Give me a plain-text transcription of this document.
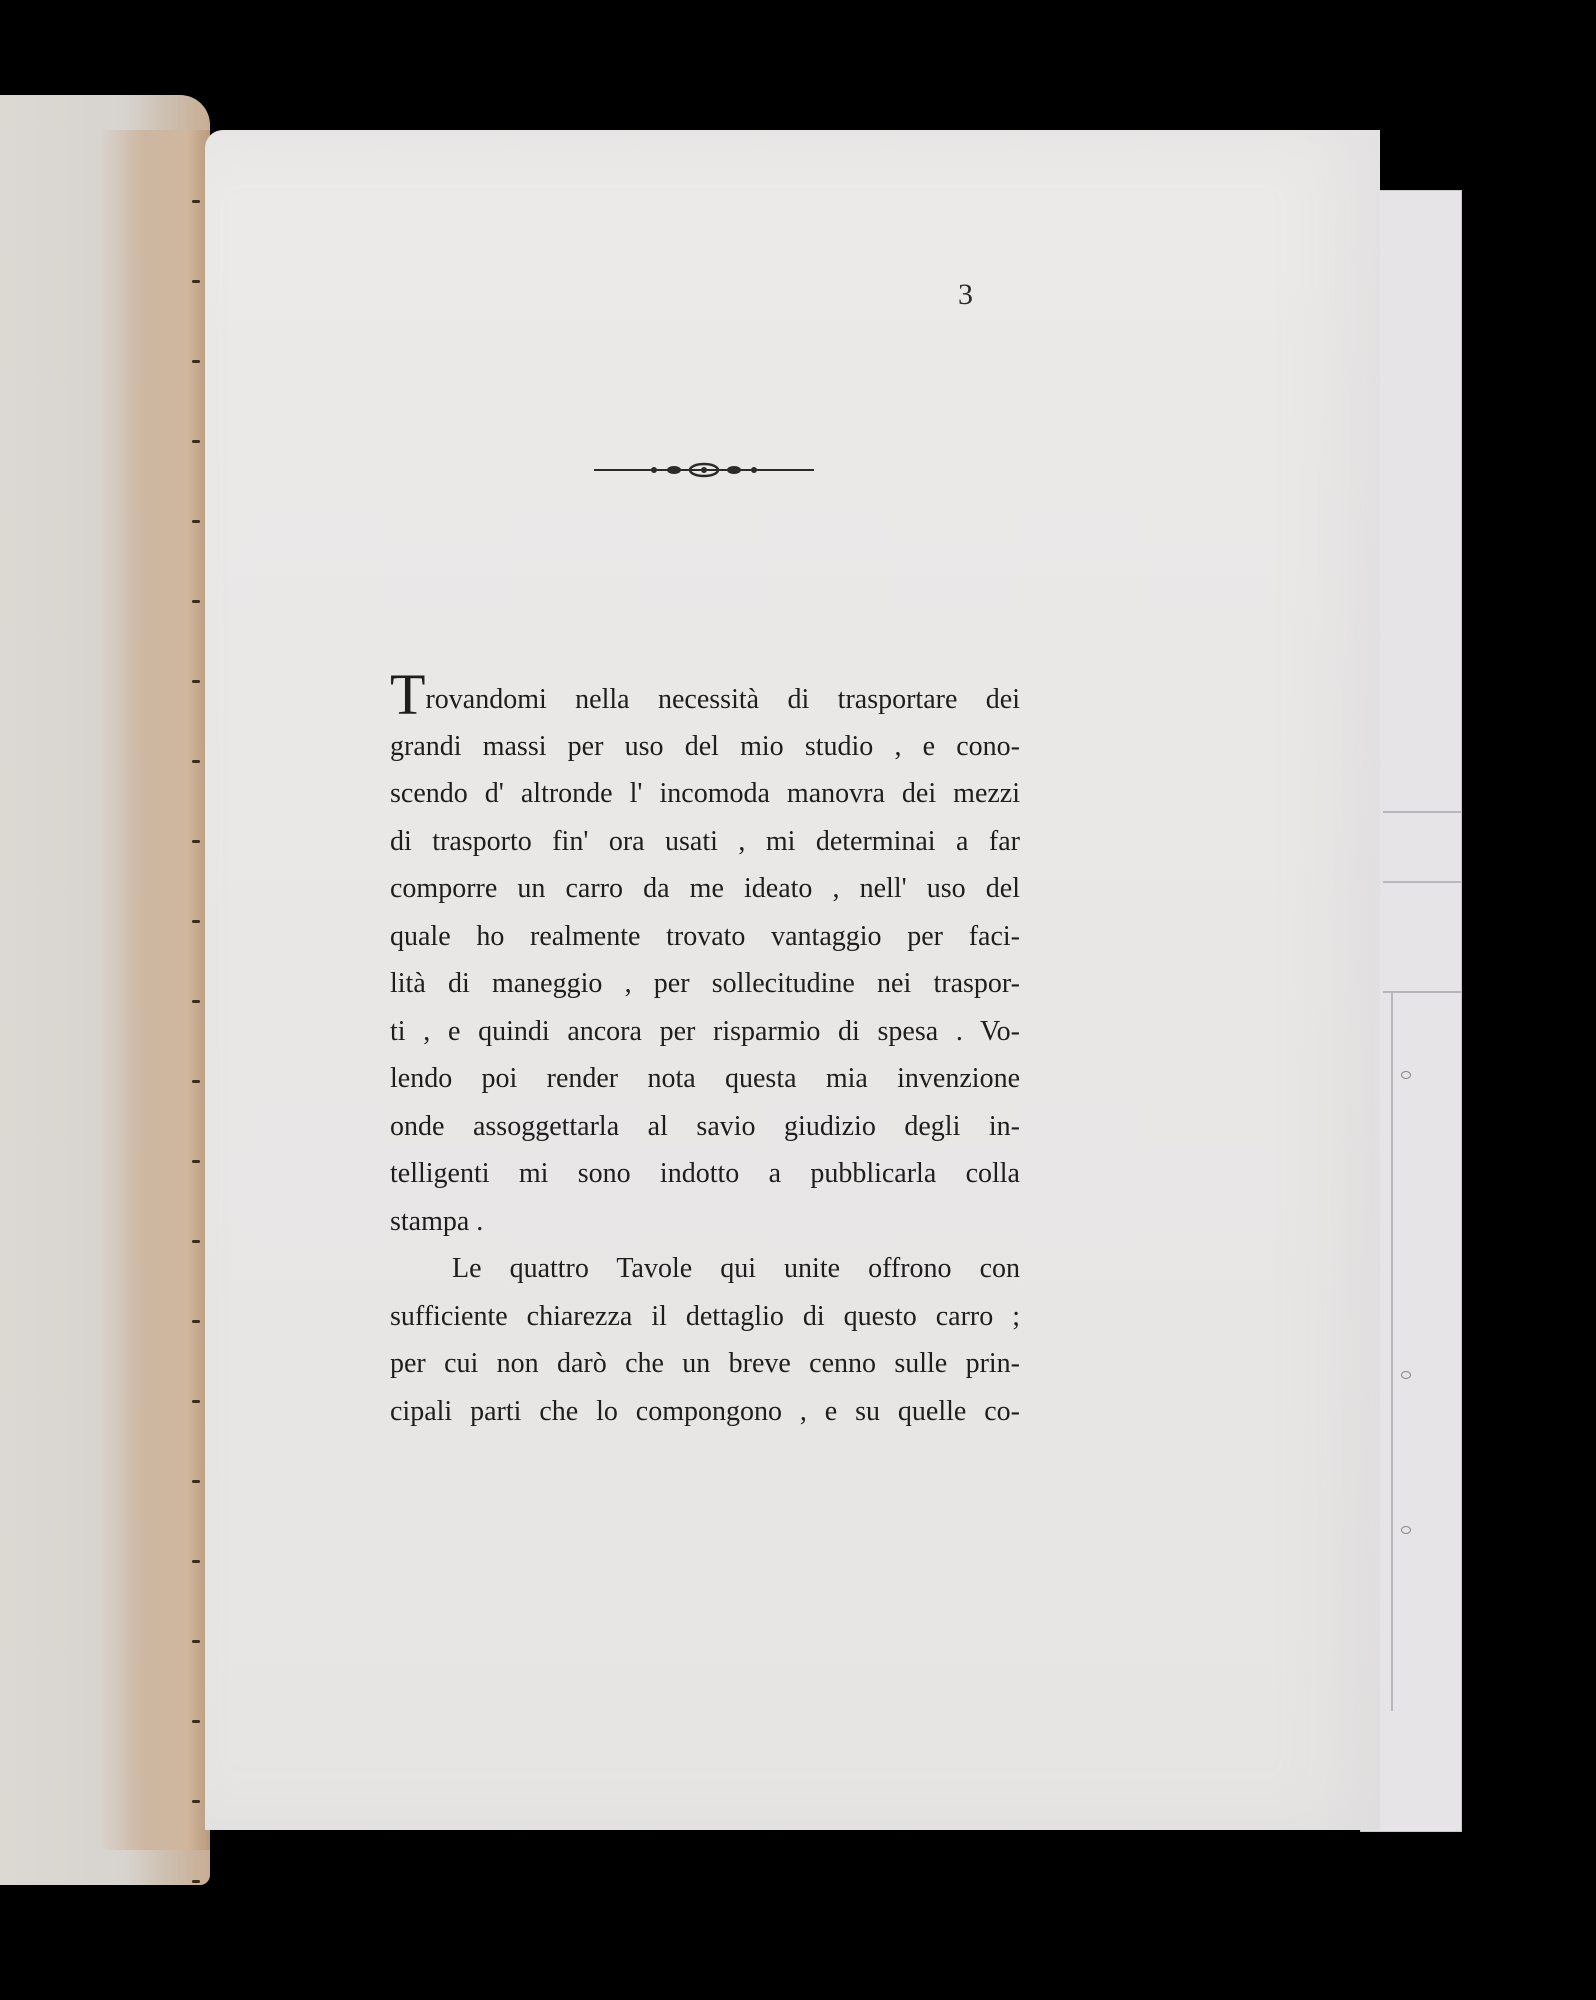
3
Trovandomi nella necessità di trasportare dei
grandi massi per uso del mio studio , e cono-
scendo d' altronde l' incomoda manovra dei mezzi
di trasporto fin' ora usati , mi determinai a far
comporre un carro da me ideato , nell' uso del
quale ho realmente trovato vantaggio per faci-
lità di maneggio , per sollecitudine nei traspor-
ti , e quindi ancora per risparmio di spesa . Vo-
lendo poi render nota questa mia invenzione
onde assoggettarla al savio giudizio degli in-
telligenti mi sono indotto a pubblicarla colla
stampa .
Le quattro Tavole qui unite offrono con
sufficiente chiarezza il dettaglio di questo carro ;
per cui non darò che un breve cenno sulle prin-
cipali parti che lo compongono , e su quelle co-
